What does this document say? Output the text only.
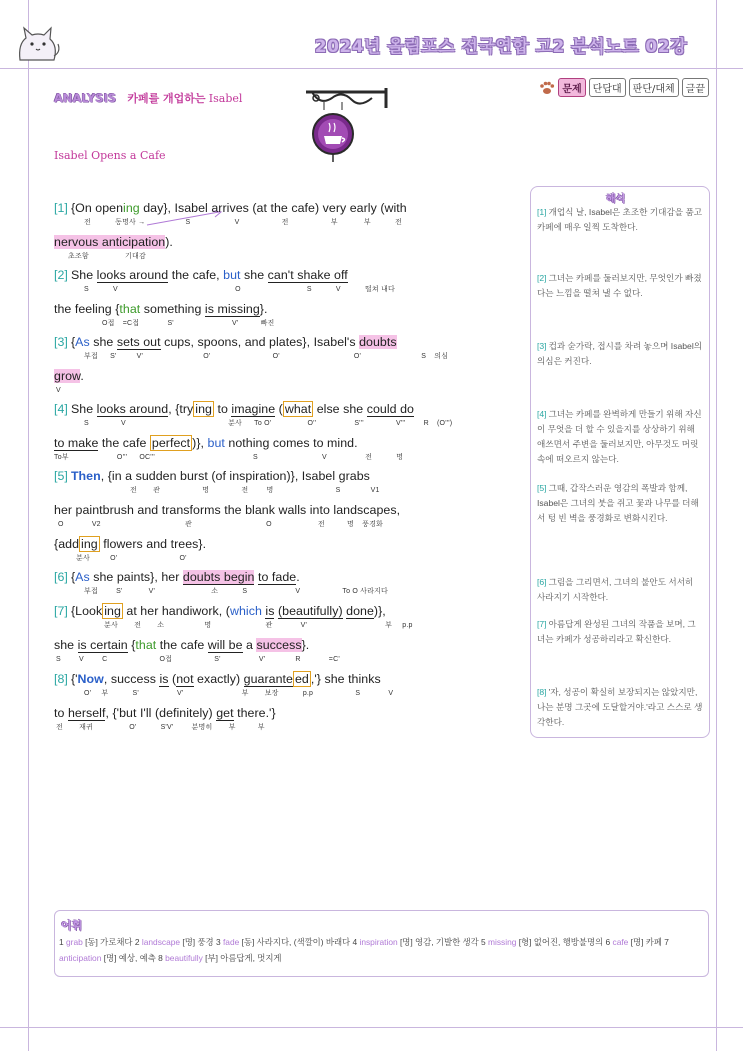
2024년 올림포스 전국연합 고2 분석노트 02강
ANALYSIS 카페를 개업하는 Isabel
Isabel Opens a Cafe
문제	단답대	판단/대체	글끝
[1] {On opening day}, Isabel arrives (at the cafe) very early (with
전	동명사 →	S	V	전	부	부	전
nervous anticipation).
초조함	기대감
[2] She looks around the cafe, but she can't shake off
S	V	O	S	V	떨쳐 내다
the feeling {that something is missing}.
O접 =C접	S'	V'	빠진
[3] {As she sets out cups, spoons, and plates}, Isabel's doubts
부접 S'	V'	O'	O'	O'	S 의심
grow.
V
[4] She looks around, {try ing to imagine ( what else she could do
S	V	분사 To O'	O''	S'''	V'''	R (O''')
to make the cafe perfect )}, but nothing comes to mind.
To부	O''' OC'''	S	V	전	명
[5] Then, {in a sudden burst (of inspiration)}, Isabel grabs
전 관	명	전	명	S	V1
her paintbrush and transforms the blank walls into landscapes,
O	V2	관	O	전	명 풍경화
{add ing flowers and trees}.
분사	O'	O'
[6] {As she paints}, her doubts begin to fade.
부접	S'	V'	소	S	V	To O 사라지다
[7] {Look ing at her handiwork, (which is (beautifully) done)},
분사 전 소	명	관	V'	부 p.p
she is certain {that the cafe will be a success}.
S	V	C	O접	S'	V'	R	=C'
[8] {'Now, success is (not exactly) guarante ed ,'} she thinks
O' 부	S'	V'	부 보장	p.p	S	V
to herself, {'but I'll (definitely) get there.'}
전 재귀	O'	S'V'	분명히 부	부
해석
[1] 개업식 날, Isabel은 초조한 기대감을 품고 카페에 매우 일찍 도착한다.
[2] 그녀는 카페를 둘러보지만, 무엇인가 빠졌다는 느낌을 떨쳐 낼 수 없다.
[3] 컵과 숟가락, 접시를 차려 놓으며 Isabel의 의심은 커진다.
[4] 그녀는 카페를 완벽하게 만들기 위해 자신이 무엇을 더 할 수 있을지를 상상하기 위해 애쓰면서 주변을 둘러보지만, 아무것도 머릿속에 떠오르지 않는다.
[5] 그때, 갑작스러운 영감의 폭발과 함께, Isabel은 그녀의 붓을 쥐고 꽃과 나무를 더해서 텅 빈 벽을 풍경화로 변화시킨다.
[6] 그림을 그리면서, 그녀의 불안도 서서히 사라지기 시작한다.
[7] 아름답게 완성된 그녀의 작품을 보며, 그녀는 카페가 성공하리라고 확신한다.
[8] '자, 성공이 확실히 보장되지는 않았지만, 나는 분명 그곳에 도달할거야.'라고 스스로 생각한다.
어휘
1 grab [동] 가로채다 2 landscape [명] 풍경 3 fade [동] 사라지다, (색깔이) 바래다 4 inspiration [명] 영감, 기발한 생각 5 missing [형] 없어진, 행방불명의 6 cafe [명] 카페 7 anticipation [명] 예상, 예측 8 beautifully [부] 아름답게, 멋지게
